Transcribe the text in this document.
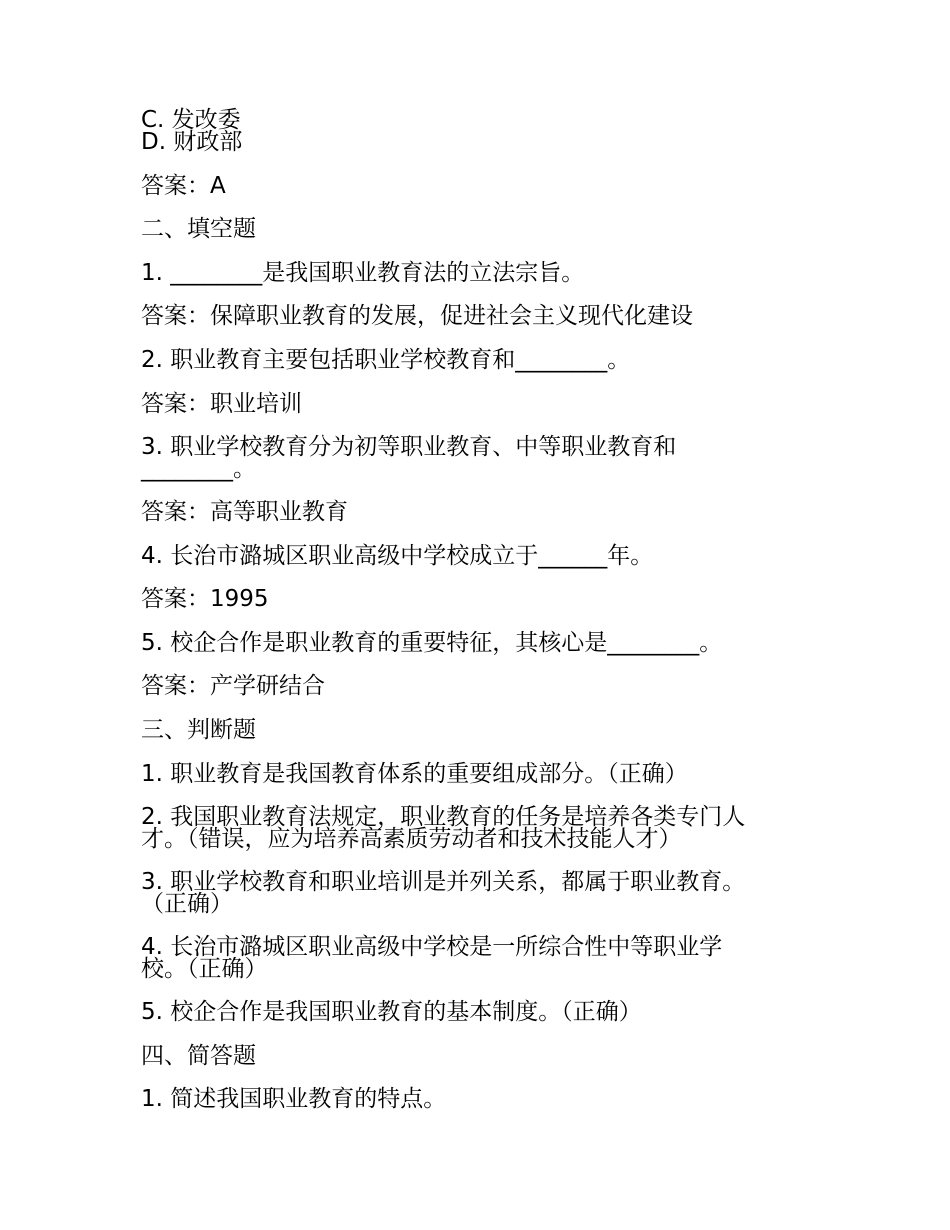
C. 发改委
D. 财政部
答案：A
二、填空题
1. ________是我国职业教育法的立法宗旨。
答案：保障职业教育的发展，促进社会主义现代化建设
2. 职业教育主要包括职业学校教育和________。
答案：职业培训
3. 职业学校教育分为初等职业教育、中等职业教育和
________。
答案：高等职业教育
4. 长治市潞城区职业高级中学校成立于______年。
答案：1995
5. 校企合作是职业教育的重要特征，其核心是________。
答案：产学研结合
三、判断题
1. 职业教育是我国教育体系的重要组成部分。（正确）
2. 我国职业教育法规定，职业教育的任务是培养各类专门人
才。（错误，应为培养高素质劳动者和技术技能人才）
3. 职业学校教育和职业培训是并列关系，都属于职业教育。
（正确）
4. 长治市潞城区职业高级中学校是一所综合性中等职业学
校。（正确）
5. 校企合作是我国职业教育的基本制度。（正确）
四、简答题
1. 简述我国职业教育的特点。
